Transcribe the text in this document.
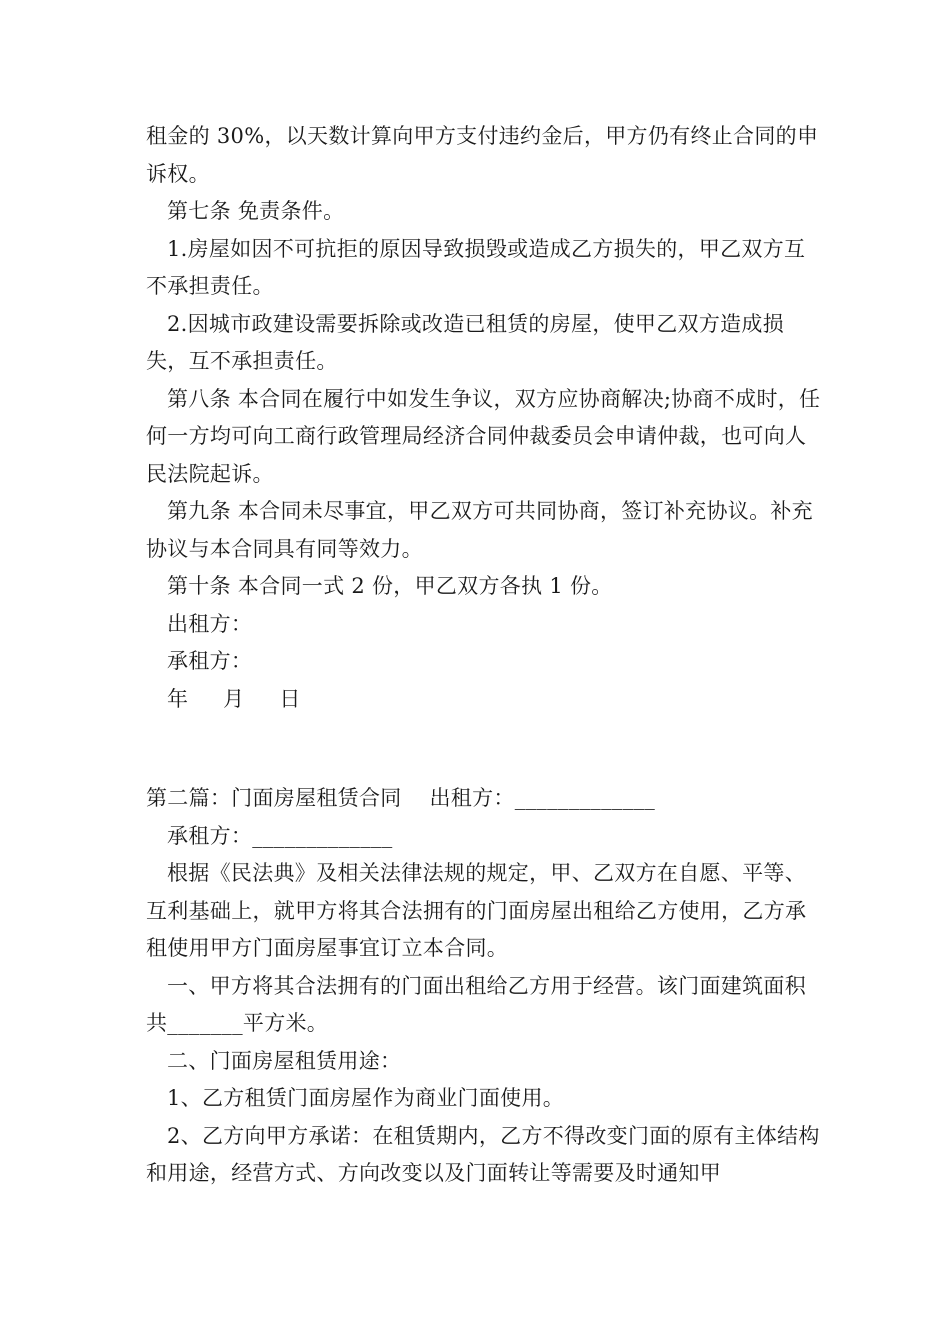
租金的 30%，以天数计算向甲方支付违约金后，甲方仍有终止合同的申诉权。

第七条 免责条件。

1.房屋如因不可抗拒的原因导致损毁或造成乙方损失的，甲乙双方互不承担责任。

2.因城市政建设需要拆除或改造已租赁的房屋，使甲乙双方造成损失，互不承担责任。

第八条 本合同在履行中如发生争议，双方应协商解决;协商不成时，任何一方均可向工商行政管理局经济合同仲裁委员会申请仲裁，也可向人民法院起诉。

第九条 本合同未尽事宜，甲乙双方可共同协商，签订补充协议。补充协议与本合同具有同等效力。

第十条 本合同一式 2 份，甲乙双方各执 1 份。

出租方：

承租方：

年     月     日

第二篇：门面房屋租赁合同    出租方：_____________

承租方：_____________

根据《民法典》及相关法律法规的规定，甲、乙双方在自愿、平等、互利基础上，就甲方将其合法拥有的门面房屋出租给乙方使用，乙方承租使用甲方门面房屋事宜订立本合同。

一、甲方将其合法拥有的门面出租给乙方用于经营。该门面建筑面积共_______平方米。

二、门面房屋租赁用途：

1、乙方租赁门面房屋作为商业门面使用。

2、乙方向甲方承诺：在租赁期内，乙方不得改变门面的原有主体结构和用途，经营方式、方向改变以及门面转让等需要及时通知甲
